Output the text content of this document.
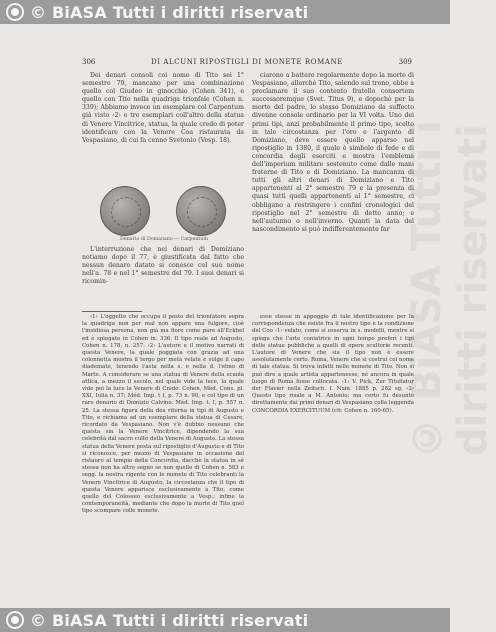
© BiASA Tutti i diritti riservati
© BiASA Tutti i diritti riservati
306	DI ALCUNI RIPOSTIGLI DI MONETE ROMANE	309

Dei denari consoli coi nome di Tito sei 1° semestre 79, mancano per una combinazione quello col Giudeo in ginocchio (Cohen 341), e quello con Tito nella quadriga trionfale (Cohen n. 339); Abbiamo invece un esemplare col Carpentum già visto ‹2› e tre esemplari coll'altro della statua di Venere Vincitrice, statua, la quale credo di poter identificare con la Venere Coa ristaurata da Vespasiano, di cui fa cenno Svetonio (Vesp. 18).

Denario di Domiziano — Carpentum

L'interruzione che nei denari di Domiziano notiamo dopo il 77, è giustificata dal fatto che nessun denaro datato si conosce col suo nome nell'a. 78 e nel 1° semestre del 79. I suoi denari si ricomin-

ciarono a battere regolarmente dopo la morte di Vespasiano, allorchè Tito, salendo sul trono, ebbe a proclamare il suo contento fratello consortem successoremque (Svet. Titus 9), e dopochè per la morte del padre, lo stesso Domiziano da suffecto divenne console ordinario per la VI volta. Uno dei primi tipi, anzi probabilmente il primo tipo, scelto in tale circostanza per l'oro e l'argento di Domiziano, deve essere quello apparso nel ripostiglio in 1380, il quale è simbolo di fede e di concordia degli eserciti e mostra l'emblema dell'imperium militare sostenuto come dalle mani fraterne di Tito e di Domiziano. La mancanza di tutti gli altri denari di Domiziano e Tito appartenenti al 2° semestre 79 e la presenza di quasi tutti quelli appartenenti al 1° semestre, ci obbligano a restringere i confini cronologici del ripostiglio nel 2° semestre di detto anno; e nell'autunno o nell'inverno. Quanti la data del nascondimento si può indifferentemente far

‹1› L'oggetto che occupa il posto del trionfatore sopra la quadriga non per mal non appare una fulgore, cioè l'insidiosa persona, non già ma fiore come pare all'Eckhel ed è spiegato in Cohen in. 336. Il tipo reale ad Augusto, Cohen n. 178, n. 257. ‹2› L'autore e il motivo narrati di questa Venere, la quale poggiata con grazia ad una colonnetta mostra il tergo per metà velate e volge il capo diademato, tenendo l'asta nella s. e nella d. l'elmo di Marte. A considerare se una statua di Venere della scuola attica, a mezzo il secolo, nel quale vide la luce, la quale vide poi la luce la Venere di Cnido. Cohen, Méd. Cons. pl. XXI, Iulia n. 37; Méd. Imp. t I, p. 73 n. 90, e col tipo di un raro denario di Domizio Calvino. Méd. Imp. t. I, p. 557 n. 25. La stessa figura della dea ritorna in tipi di Augusto e Tito, e richiama ad un esemplare della statua di Cesare, ricordato da Vespasiano. Non v'è dubbio nessuno che questa sia la Venere Vincitrice, dipendendo la sua celebrità dal sacro culto della Venere di Augusto. La stessa statua della Venere posta sul ripostiglio d'Augusto e di Tito si riconosce, per mezzo di Vespasiano in occasione del ristauro al tempio della Concordia, dacchè la statua in sé stessa non ha altro segno se non quello di Cohen n. 583 e segg. la nostra vigente con le monete di Tito celebranti la Venere Vincitrice di Augusto, la circostanza che il tipo di questa Venere apparisce esclusivamente a Tito, come quello del Colosseo esclusivamente a Vesp.; infine la contemporaneità, mediante che dopo la morte di Tito quel tipo scompare colle monete.

esse stesse in appoggio di tale identificazione per la corrispondenza che esiste fra il nostro tipo e la condizione del Coo ‹1› velato, come si osserva in s. modelli, mentre si spiega che l'arte coniatrice in ogni tempo preferì i tipi delle statue pubbliche a quelli di opere scultorie recenti. L'autore di Venere che sia il tipo non è essere assolutamente certo. Roma, Venere che si costruì col nome di tale statua. Si trova infatti nelle monete di Tito. Non si può dire a quale artista appartenesse, né ancora in quale luogo di Roma fosse collocata. ‹1› V. Pick, Zur Tituliatur der Flavier nella Zeitsch. f. Num. 1885 p. 282 sg. ‹2› Questo tipo risale a M. Antonio; ma certo fu desunto direttamente dai primi denari di Vespasiano colla leggenda CONCORDIA EXERCITUUM (cfr. Cohen n. 160-65).

© BiASA Tutti i diritti riservati
